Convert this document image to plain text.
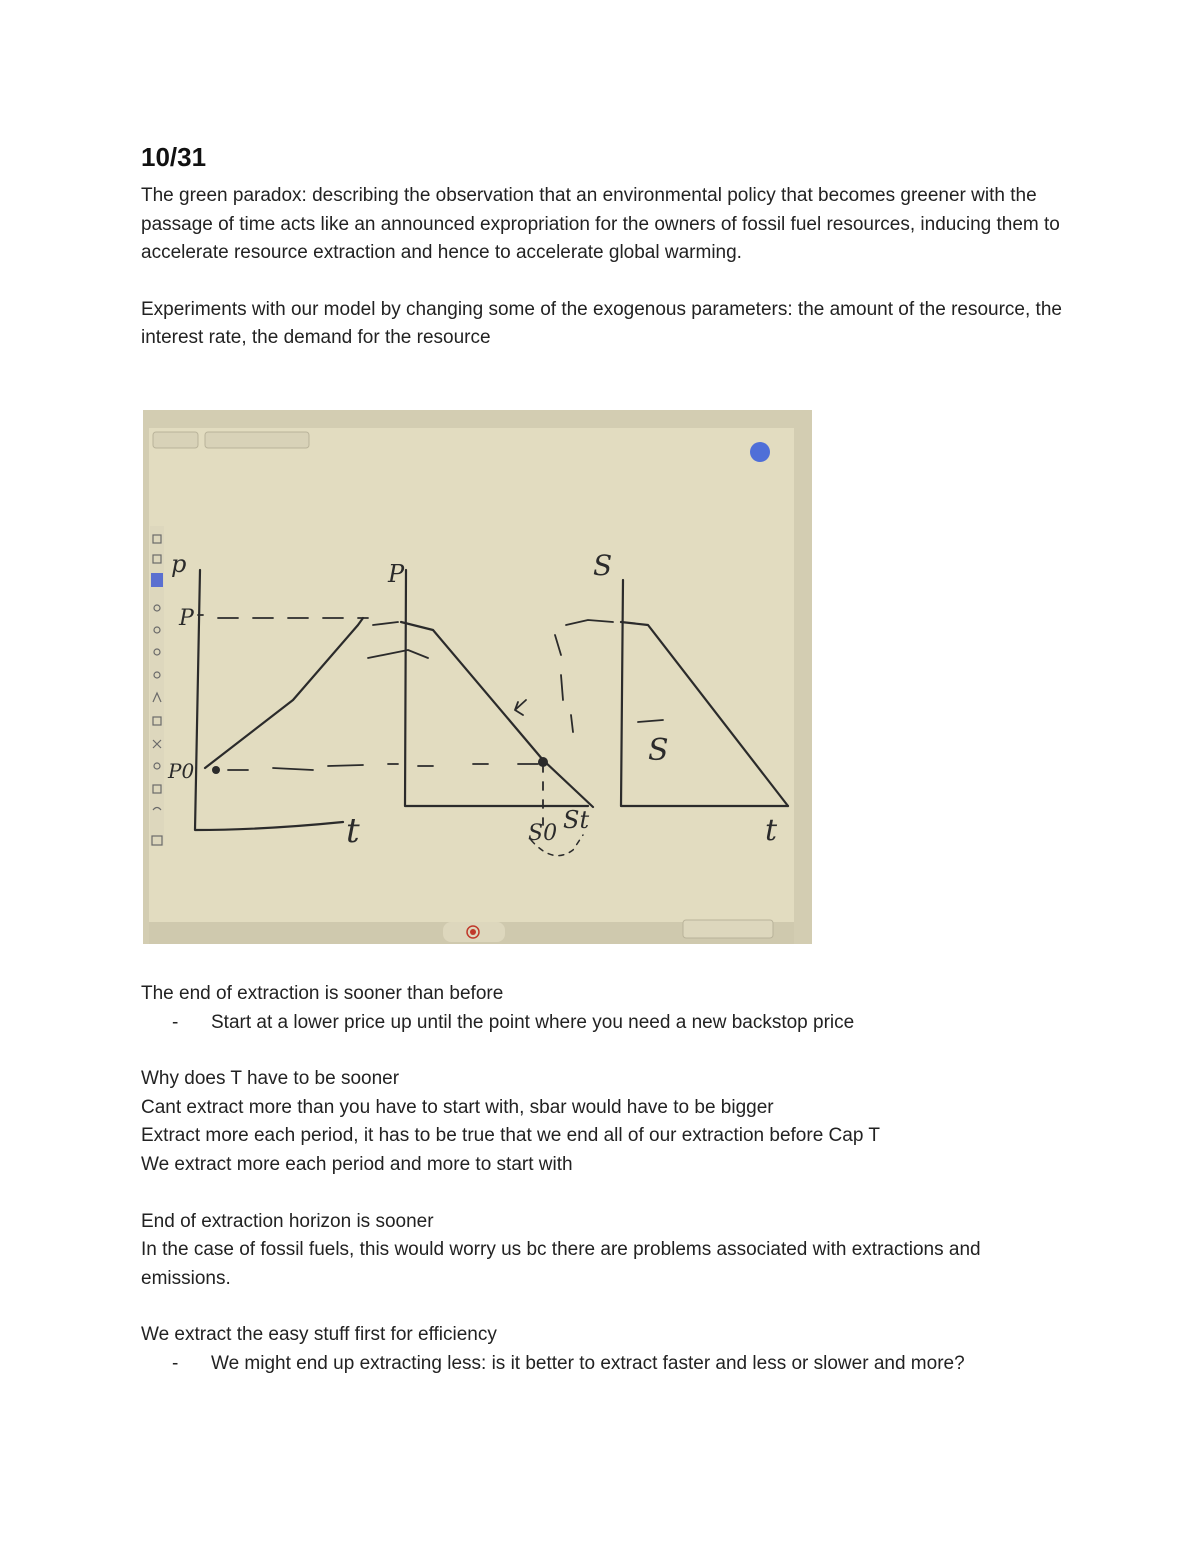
10/31

The green paradox: describing the observation that an environmental policy that becomes greener with the passage of time acts like an announced expropriation for the owners of fossil fuel resources, inducing them to accelerate resource extraction and hence to accelerate global warming.

Experiments with our model by changing some of the exogenous parameters: the amount of the resource, the interest rate, the demand for the resource

p
P
P0
t
P
S0 St
S
S
t

The end of extraction is sooner than before

-	Start at a lower price up until the point where you need a new backstop price

Why does T have to be sooner

Cant extract more than you have to start with, sbar would have to be bigger

Extract more each period, it has to be true that we end all of our extraction before Cap T

We extract more each period and more to start with

End of extraction horizon is sooner

In the case of fossil fuels, this would worry us bc there are problems associated with extractions and emissions.

We extract the easy stuff first for efficiency

-	We might end up extracting less: is it better to extract faster and less or slower and more?
